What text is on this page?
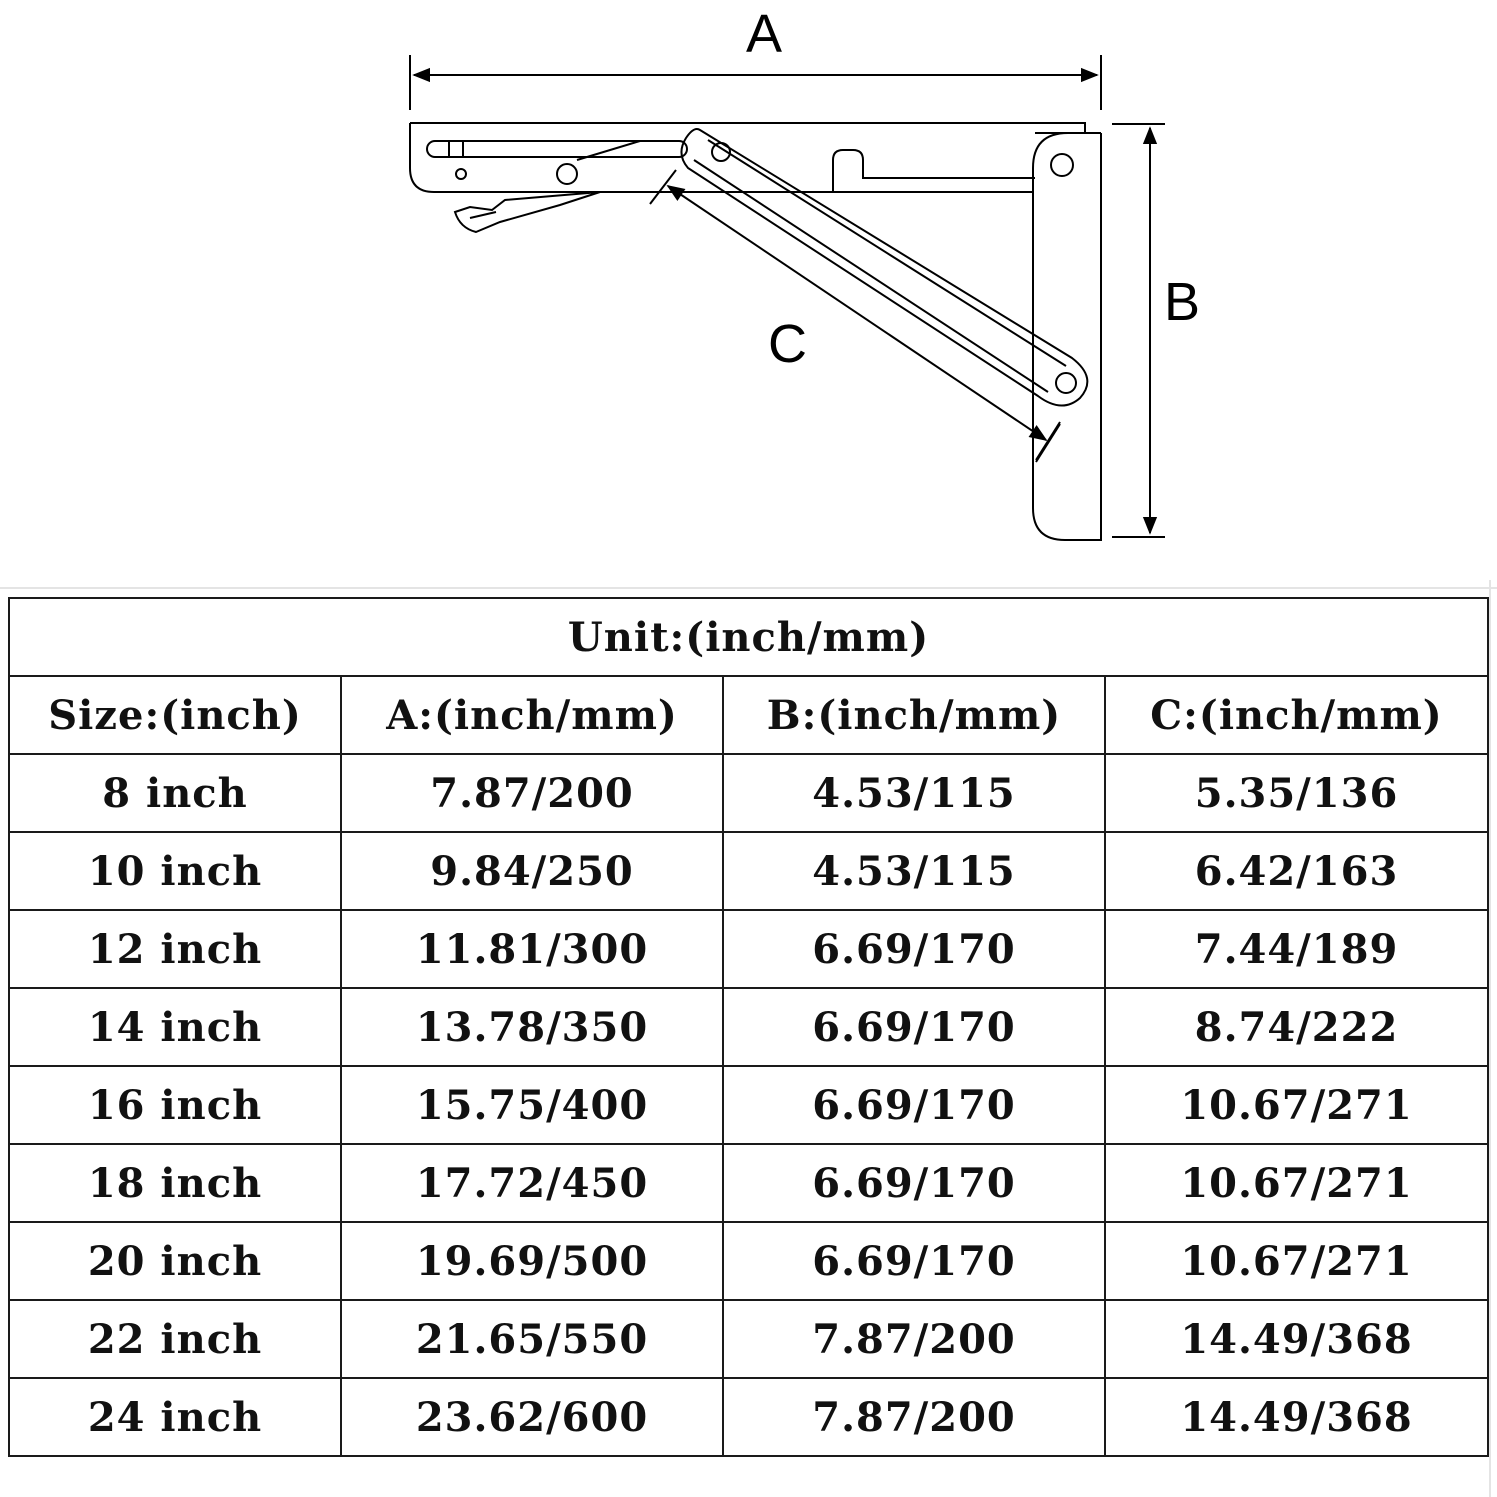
A
B
C
Unit:(inch/mm)			
Size:(inch)	A:(inch/mm)	B:(inch/mm)	C:(inch/mm)
8 inch	7.87/200	4.53/115	5.35/136
10 inch	9.84/250	4.53/115	6.42/163
12 inch	11.81/300	6.69/170	7.44/189
14 inch	13.78/350	6.69/170	8.74/222
16 inch	15.75/400	6.69/170	10.67/271
18 inch	17.72/450	6.69/170	10.67/271
20 inch	19.69/500	6.69/170	10.67/271
22 inch	21.65/550	7.87/200	14.49/368
24 inch	23.62/600	7.87/200	14.49/368
